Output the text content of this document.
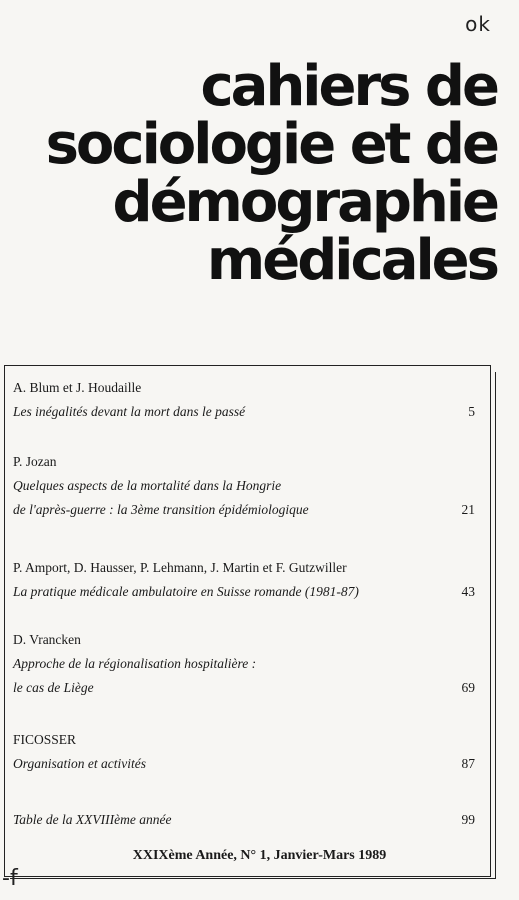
ok
cahiers de
sociologie et de
démographie
médicales
A. Blum et J. Houdaille
Les inégalités devant la mort dans le passé	5
P. Jozan
Quelques aspects de la mortalité dans la Hongrie
de l'après-guerre : la 3ème transition épidémiologique	21
P. Amport, D. Hausser, P. Lehmann, J. Martin et F. Gutzwiller
La pratique médicale ambulatoire en Suisse romande (1981-87)	43
D. Vrancken
Approche de la régionalisation hospitalière :
le cas de Liège	69
FICOSSER
Organisation et activités	87
Table de la XXVIIIème année	99
XXIXème Année, N° 1, Janvier-Mars 1989
-f
